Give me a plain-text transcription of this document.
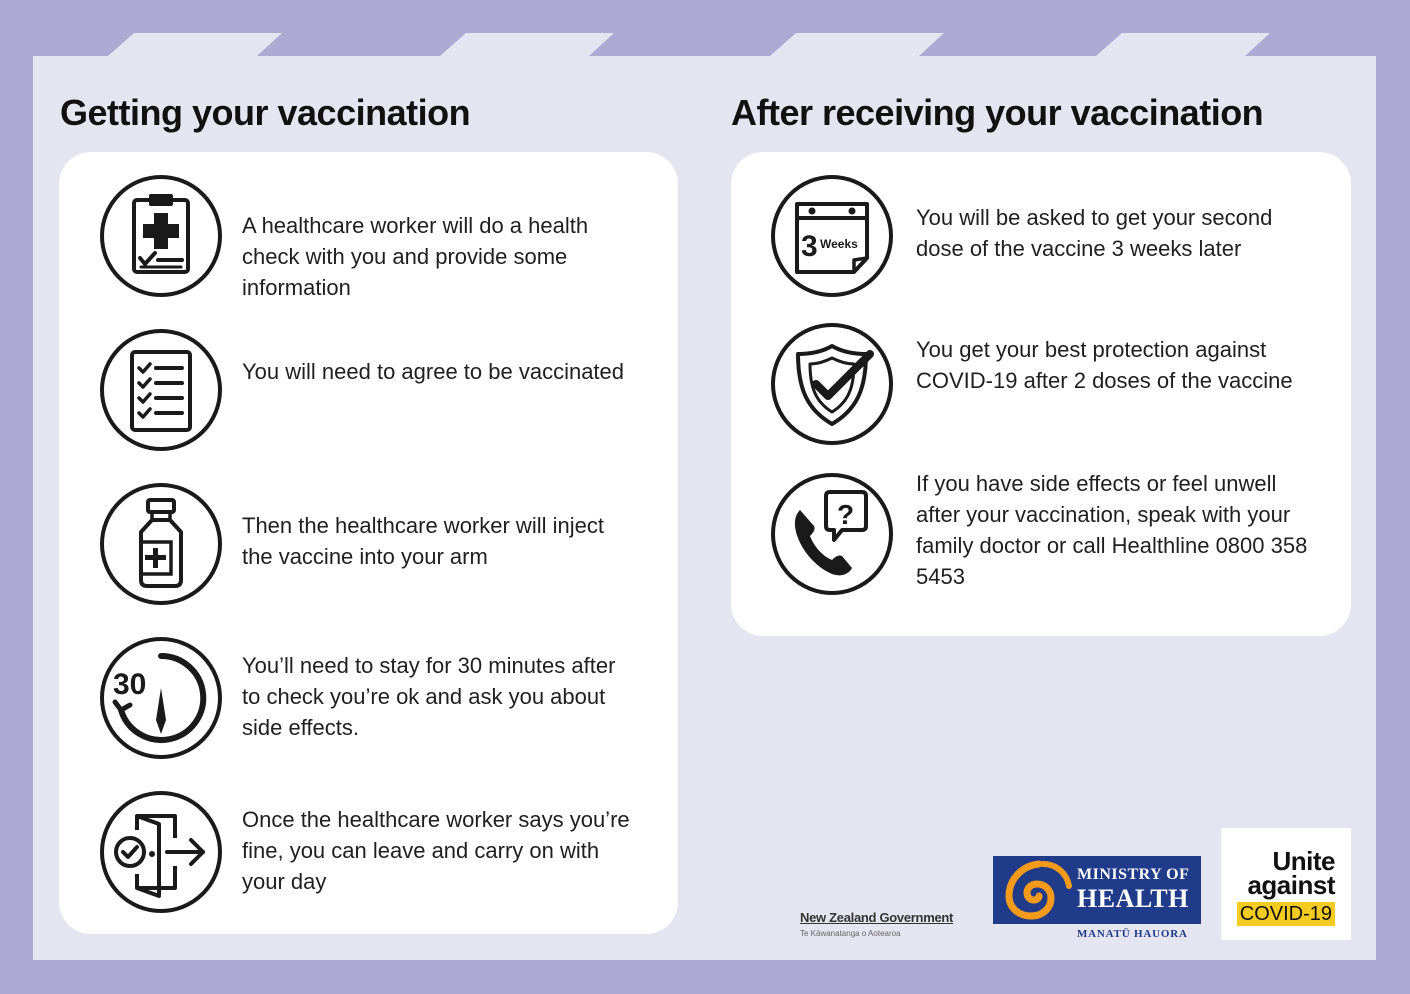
Getting your vaccination	After receiving your vaccination

A healthcare worker will do a health check with you and provide some information

You will need to agree to be vaccinated

Then the healthcare worker will inject the vaccine into your arm

30

You’ll need to stay for 30 minutes after to check you’re ok and ask you about side effects.

Once the healthcare worker says you’re fine, you can leave and carry on with your day

3 Weeks

You will be asked to get your second dose of the vaccine 3 weeks later

You get your best protection against COVID-19 after 2 doses of the vaccine

?

If you have side effects or feel unwell after your vaccination, speak with your family doctor or call Healthline 0800 358 5453

New Zealand Government
Te Kāwanatanga o Aotearoa
MINISTRY OF
HEALTH
MANATŪ HAUORA
Unite
against
COVID-19
